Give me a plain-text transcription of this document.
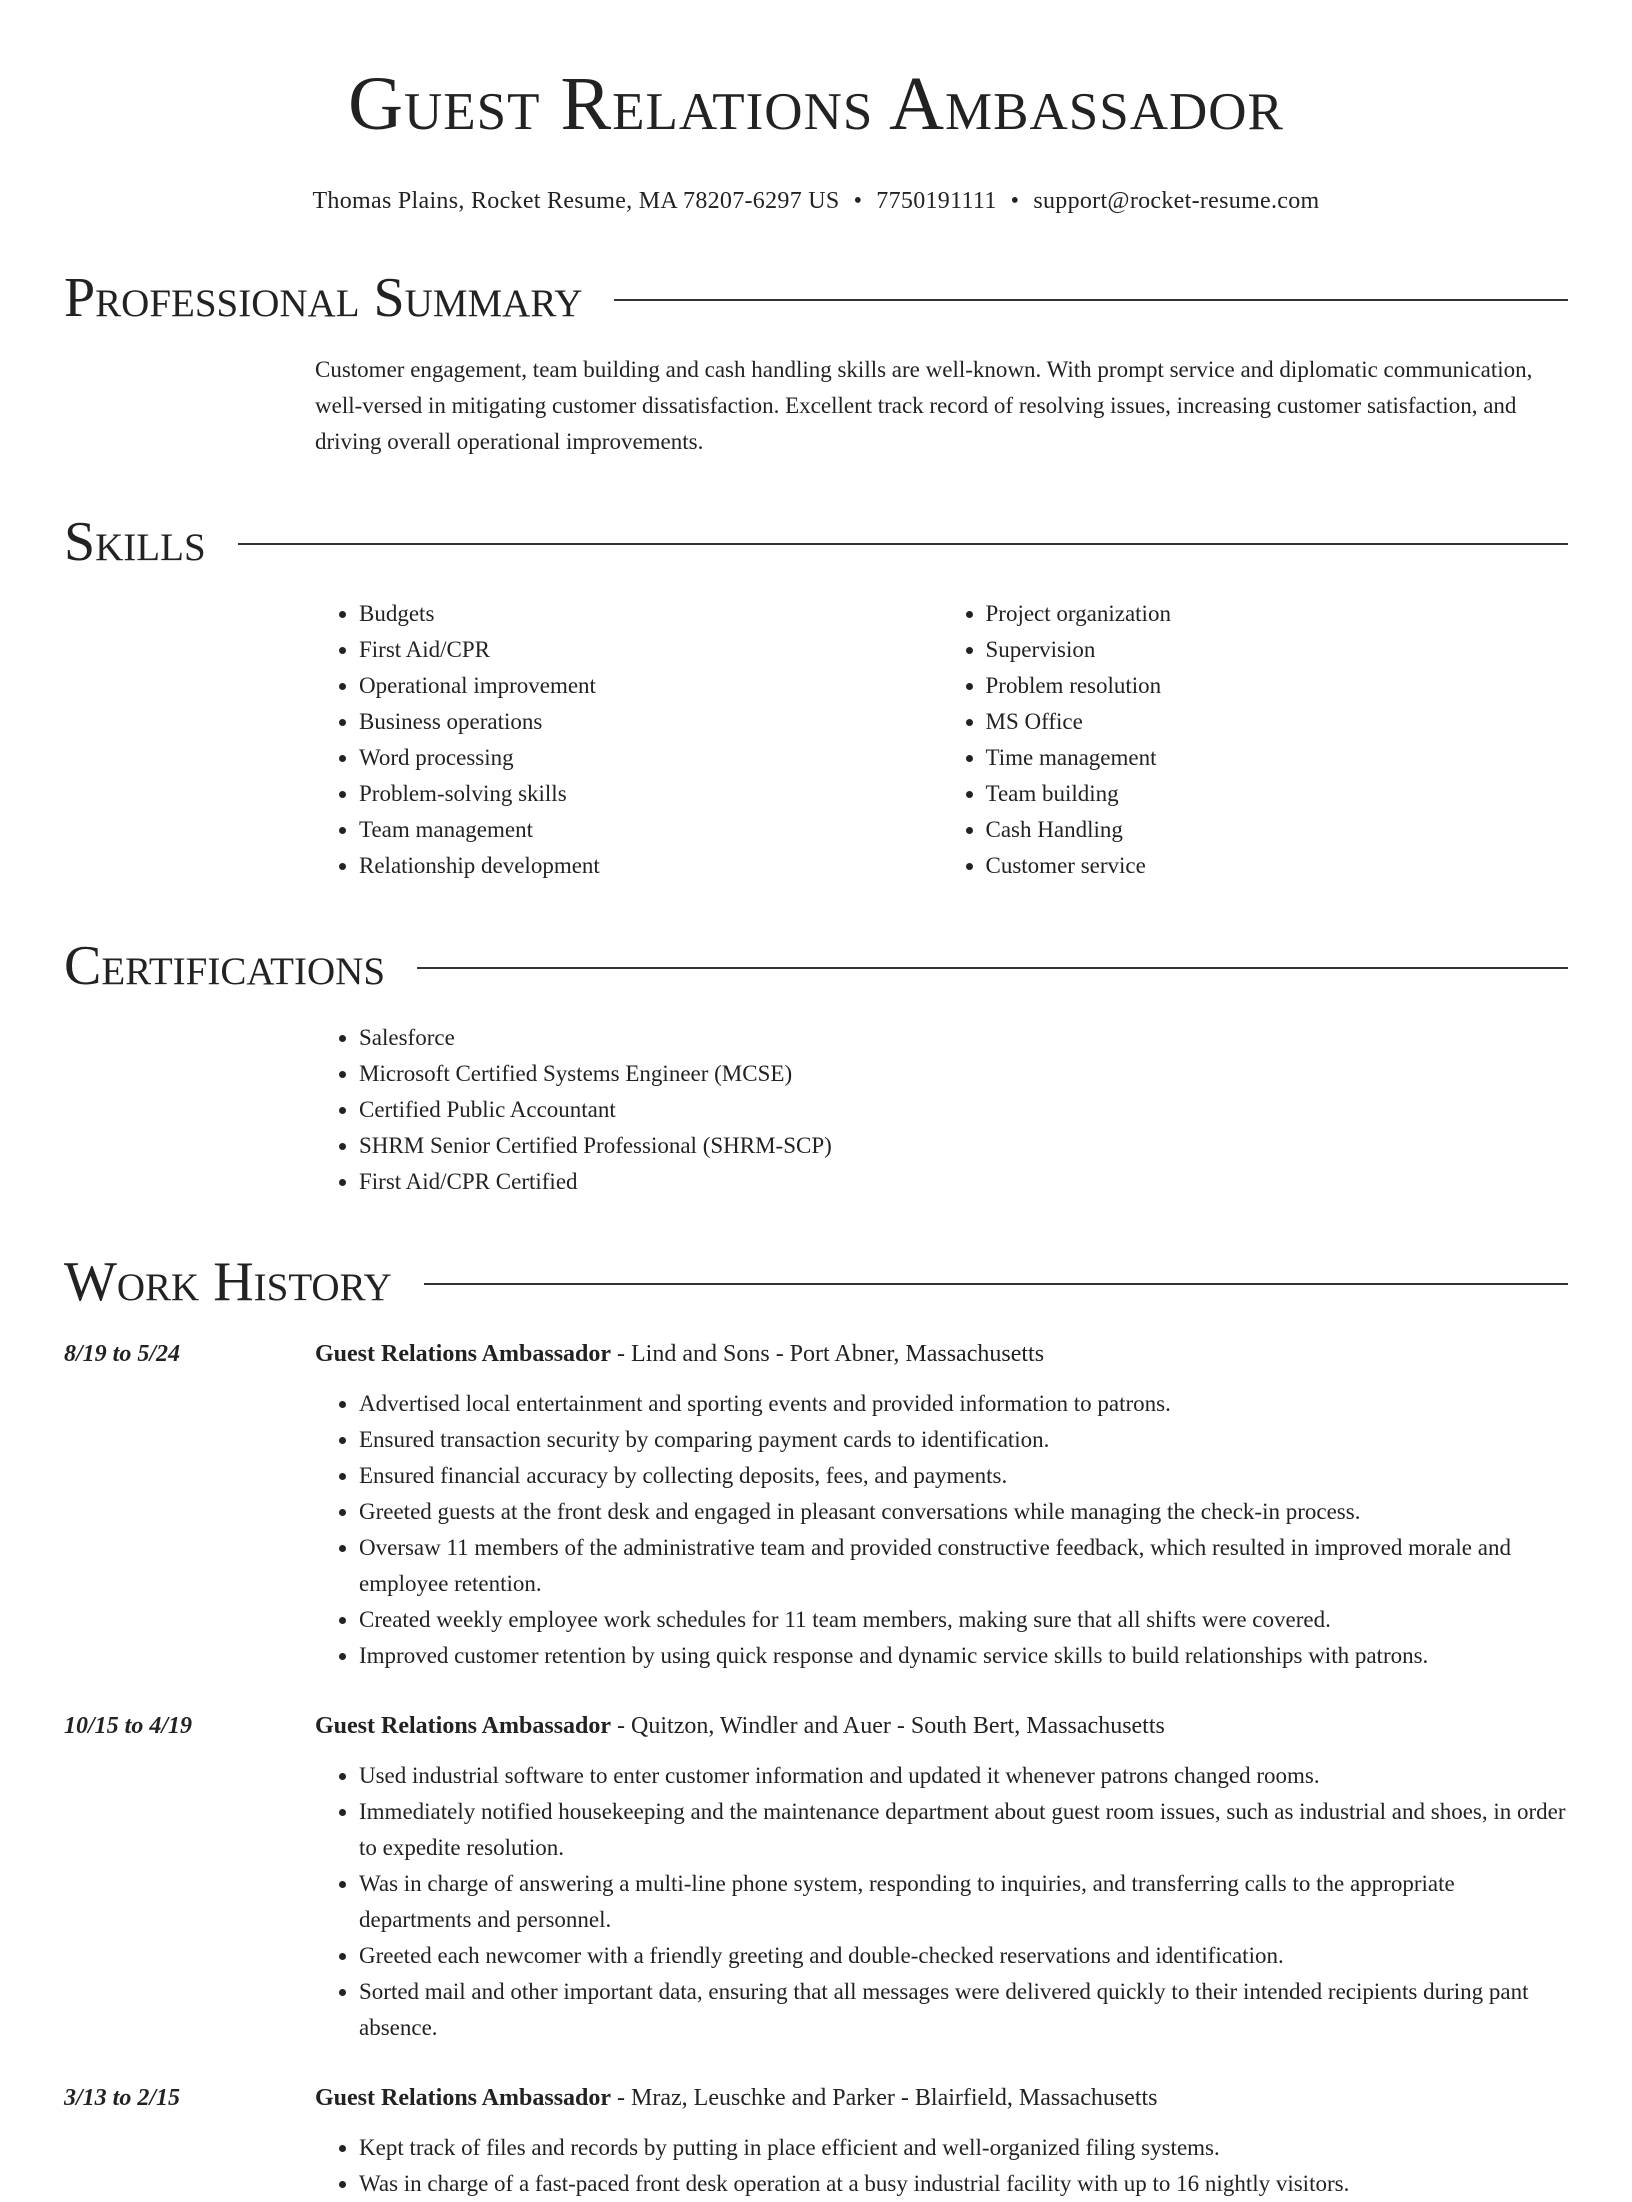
Guest Relations Ambassador
Thomas Plains, Rocket Resume, MA 78207-6297 US • 7750191111 • support@rocket-resume.com
Professional Summary
Customer engagement, team building and cash handling skills are well-known. With prompt service and diplomatic communication, well-versed in mitigating customer dissatisfaction. Excellent track record of resolving issues, increasing customer satisfaction, and driving overall operational improvements.
Skills
• Budgets
• First Aid/CPR
• Operational improvement
• Business operations
• Word processing
• Problem-solving skills
• Team management
• Relationship development
• Project organization
• Supervision
• Problem resolution
• MS Office
• Time management
• Team building
• Cash Handling
• Customer service
Certifications
• Salesforce
• Microsoft Certified Systems Engineer (MCSE)
• Certified Public Accountant
• SHRM Senior Certified Professional (SHRM-SCP)
• First Aid/CPR Certified
Work History
8/19 to 5/24	Guest Relations Ambassador - Lind and Sons - Port Abner, Massachusetts
• Advertised local entertainment and sporting events and provided information to patrons.
• Ensured transaction security by comparing payment cards to identification.
• Ensured financial accuracy by collecting deposits, fees, and payments.
• Greeted guests at the front desk and engaged in pleasant conversations while managing the check-in process.
• Oversaw 11 members of the administrative team and provided constructive feedback, which resulted in improved morale and employee retention.
• Created weekly employee work schedules for 11 team members, making sure that all shifts were covered.
• Improved customer retention by using quick response and dynamic service skills to build relationships with patrons.
10/15 to 4/19	Guest Relations Ambassador - Quitzon, Windler and Auer - South Bert, Massachusetts
• Used industrial software to enter customer information and updated it whenever patrons changed rooms.
• Immediately notified housekeeping and the maintenance department about guest room issues, such as industrial and shoes, in order to expedite resolution.
• Was in charge of answering a multi-line phone system, responding to inquiries, and transferring calls to the appropriate departments and personnel.
• Greeted each newcomer with a friendly greeting and double-checked reservations and identification.
• Sorted mail and other important data, ensuring that all messages were delivered quickly to their intended recipients during pant absence.
3/13 to 2/15	Guest Relations Ambassador - Mraz, Leuschke and Parker - Blairfield, Massachusetts
• Kept track of files and records by putting in place efficient and well-organized filing systems.
• Was in charge of a fast-paced front desk operation at a busy industrial facility with up to 16 nightly visitors.
